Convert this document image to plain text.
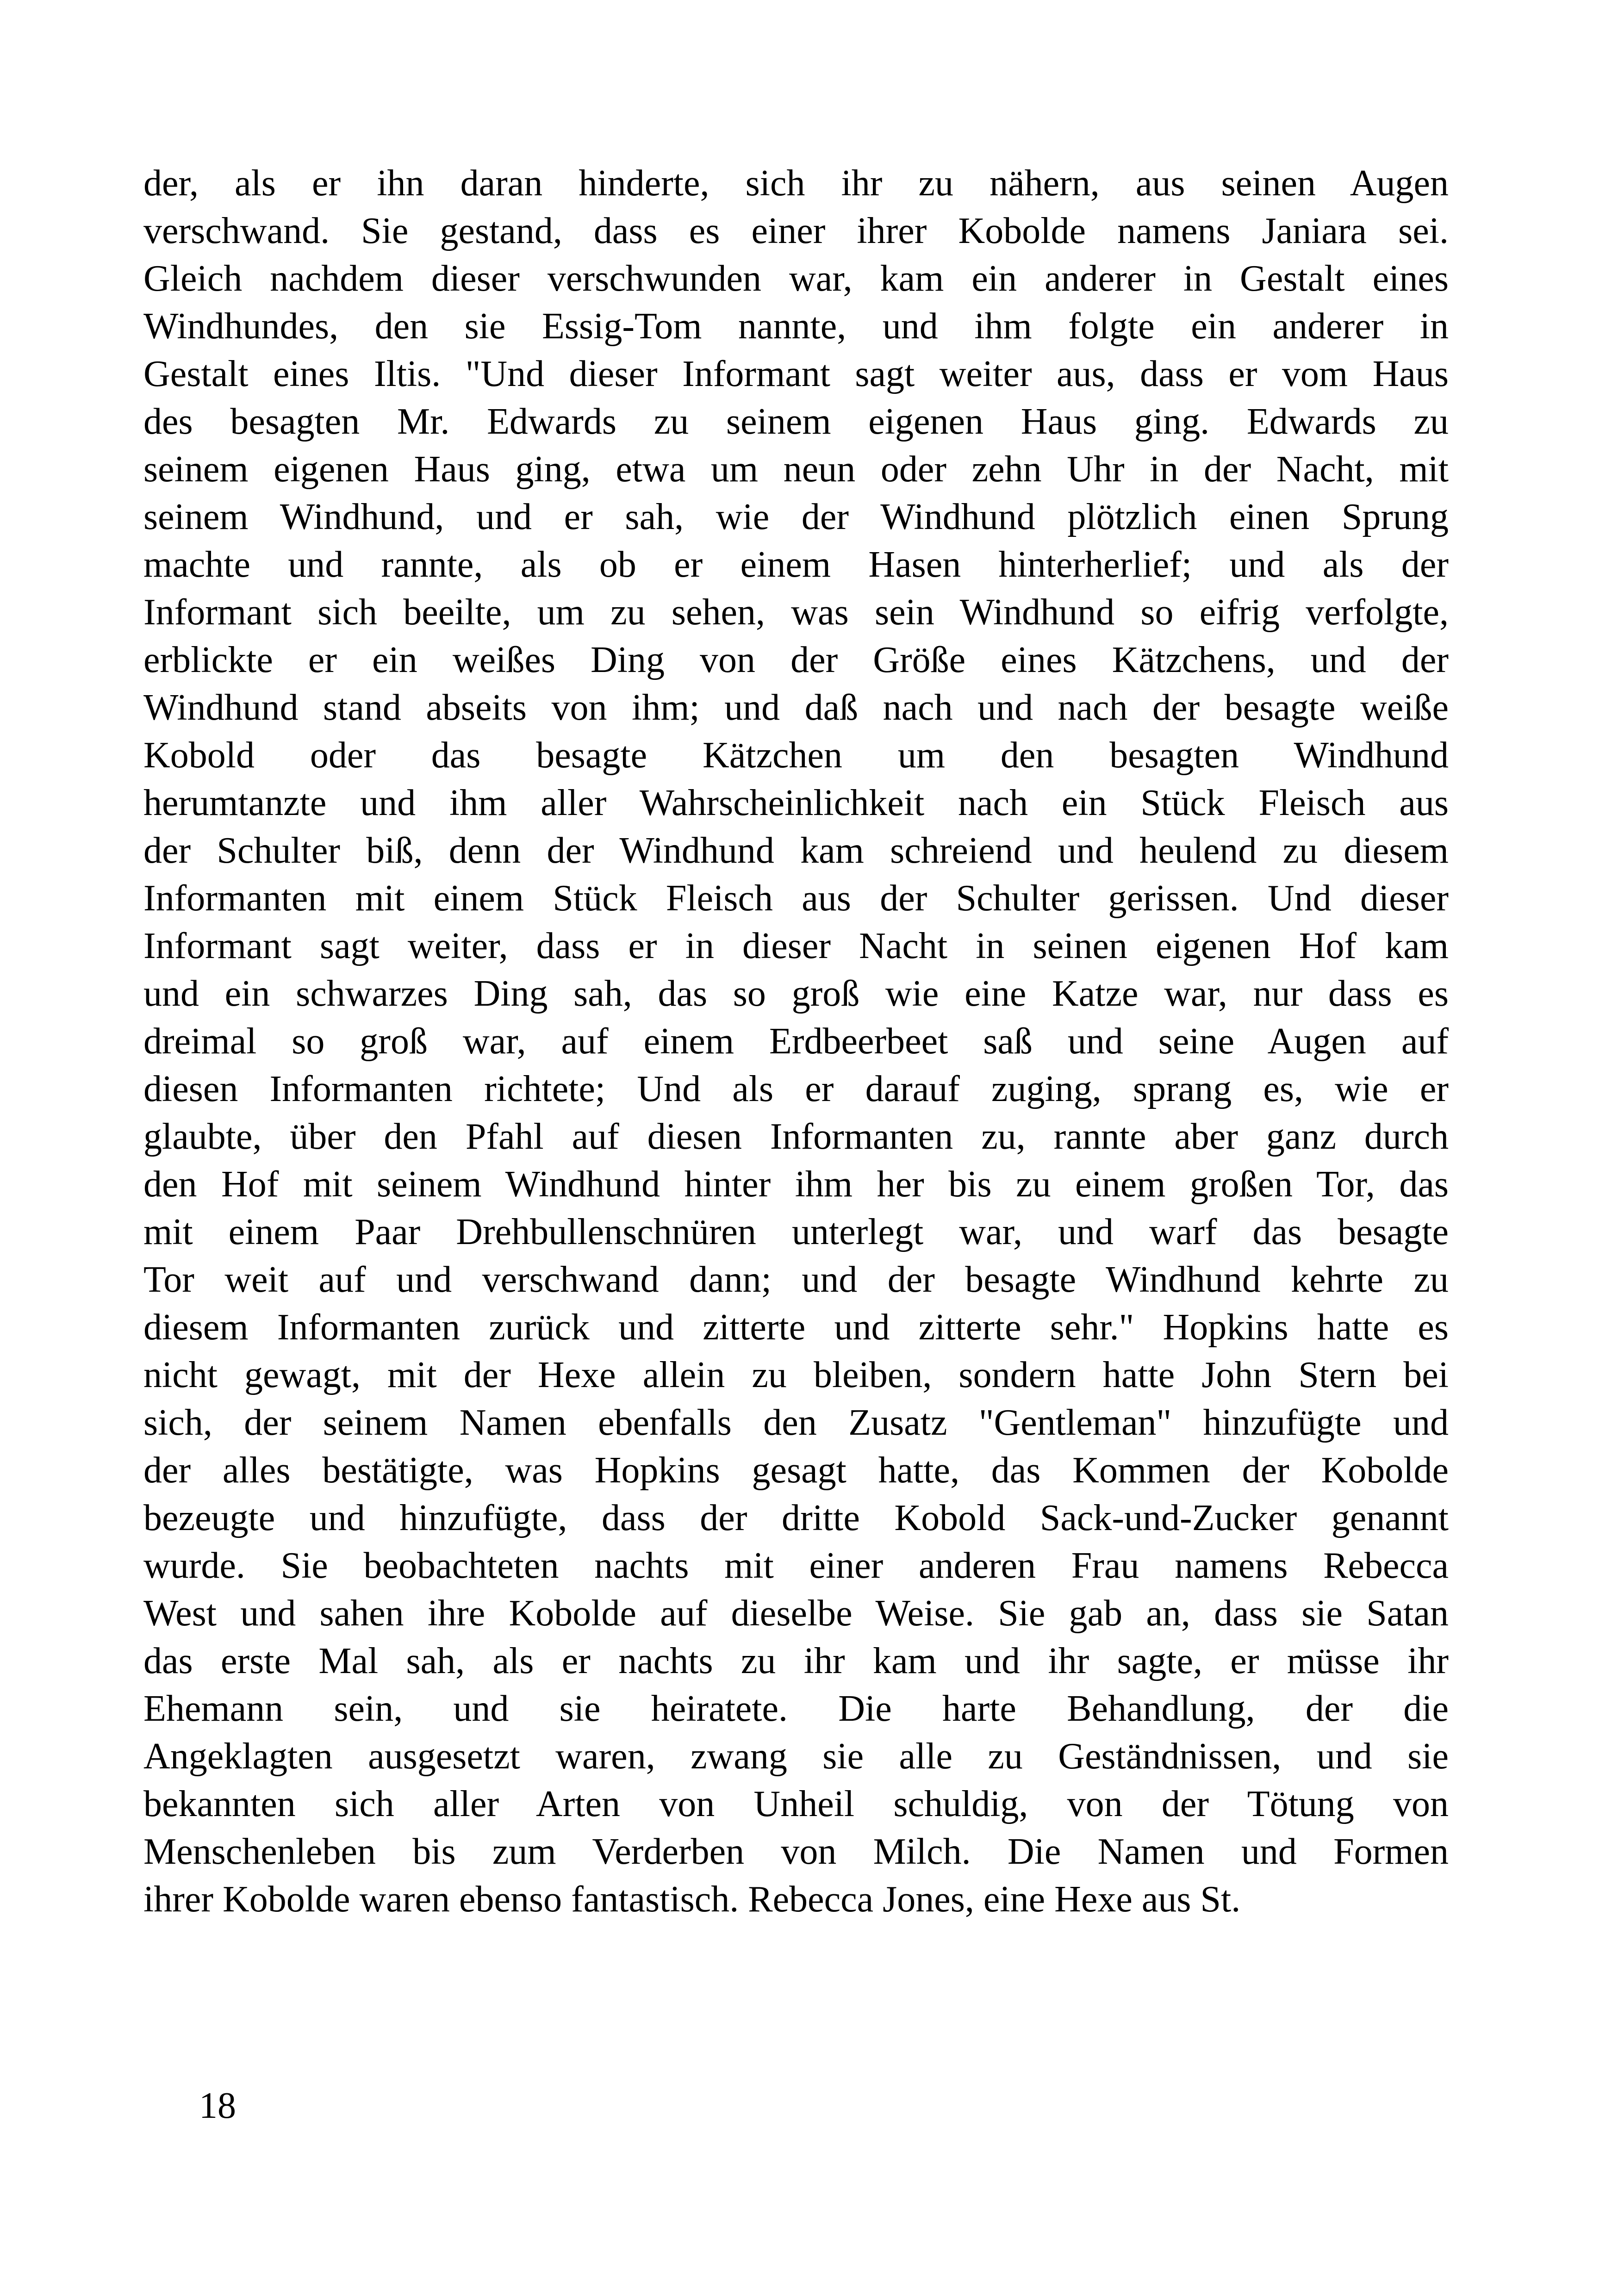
der, als er ihn daran hinderte, sich ihr zu nähern, aus seinen Augen
verschwand. Sie gestand, dass es einer ihrer Kobolde namens Janiara sei.
Gleich nachdem dieser verschwunden war, kam ein anderer in Gestalt eines
Windhundes, den sie Essig-Tom nannte, und ihm folgte ein anderer in
Gestalt eines Iltis. "Und dieser Informant sagt weiter aus, dass er vom Haus
des besagten Mr. Edwards zu seinem eigenen Haus ging. Edwards zu
seinem eigenen Haus ging, etwa um neun oder zehn Uhr in der Nacht, mit
seinem Windhund, und er sah, wie der Windhund plötzlich einen Sprung
machte und rannte, als ob er einem Hasen hinterherlief; und als der
Informant sich beeilte, um zu sehen, was sein Windhund so eifrig verfolgte,
erblickte er ein weißes Ding von der Größe eines Kätzchens, und der
Windhund stand abseits von ihm; und daß nach und nach der besagte weiße
Kobold oder das besagte Kätzchen um den besagten Windhund
herumtanzte und ihm aller Wahrscheinlichkeit nach ein Stück Fleisch aus
der Schulter biß, denn der Windhund kam schreiend und heulend zu diesem
Informanten mit einem Stück Fleisch aus der Schulter gerissen. Und dieser
Informant sagt weiter, dass er in dieser Nacht in seinen eigenen Hof kam
und ein schwarzes Ding sah, das so groß wie eine Katze war, nur dass es
dreimal so groß war, auf einem Erdbeerbeet saß und seine Augen auf
diesen Informanten richtete; Und als er darauf zuging, sprang es, wie er
glaubte, über den Pfahl auf diesen Informanten zu, rannte aber ganz durch
den Hof mit seinem Windhund hinter ihm her bis zu einem großen Tor, das
mit einem Paar Drehbullenschnüren unterlegt war, und warf das besagte
Tor weit auf und verschwand dann; und der besagte Windhund kehrte zu
diesem Informanten zurück und zitterte und zitterte sehr." Hopkins hatte es
nicht gewagt, mit der Hexe allein zu bleiben, sondern hatte John Stern bei
sich, der seinem Namen ebenfalls den Zusatz "Gentleman" hinzufügte und
der alles bestätigte, was Hopkins gesagt hatte, das Kommen der Kobolde
bezeugte und hinzufügte, dass der dritte Kobold Sack-und-Zucker genannt
wurde. Sie beobachteten nachts mit einer anderen Frau namens Rebecca
West und sahen ihre Kobolde auf dieselbe Weise. Sie gab an, dass sie Satan
das erste Mal sah, als er nachts zu ihr kam und ihr sagte, er müsse ihr
Ehemann sein, und sie heiratete. Die harte Behandlung, der die
Angeklagten ausgesetzt waren, zwang sie alle zu Geständnissen, und sie
bekannten sich aller Arten von Unheil schuldig, von der Tötung von
Menschenleben bis zum Verderben von Milch. Die Namen und Formen
ihrer Kobolde waren ebenso fantastisch. Rebecca Jones, eine Hexe aus St.
18
